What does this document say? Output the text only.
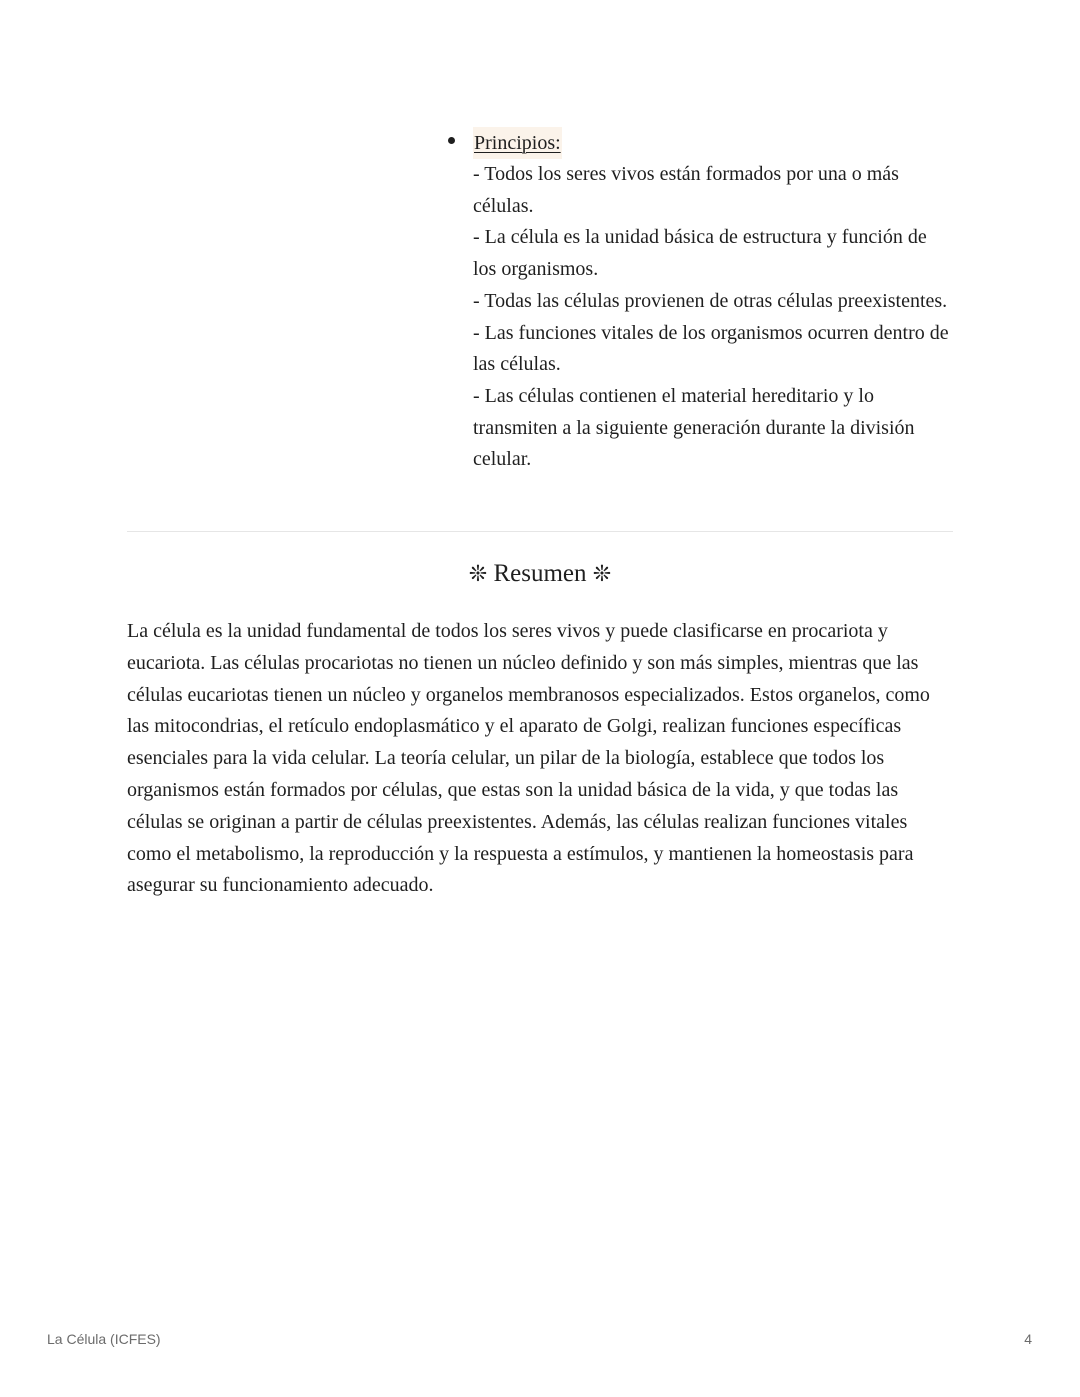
Principios:
- Todos los seres vivos están formados por una o más células.
- La célula es la unidad básica de estructura y función de los organismos.
- Todas las células provienen de otras células preexistentes.
- Las funciones vitales de los organismos ocurren dentro de las células.
- Las células contienen el material hereditario y lo transmiten a la siguiente generación durante la división celular.
❊ Resumen ❊

La célula es la unidad fundamental de todos los seres vivos y puede clasificarse en procariota y eucariota. Las células procariotas no tienen un núcleo definido y son más simples, mientras que las células eucariotas tienen un núcleo y organelos membranosos especializados. Estos organelos, como las mitocondrias, el retículo endoplasmático y el aparato de Golgi, realizan funciones específicas esenciales para la vida celular. La teoría celular, un pilar de la biología, establece que todos los organismos están formados por células, que estas son la unidad básica de la vida, y que todas las células se originan a partir de células preexistentes. Además, las células realizan funciones vitales como el metabolismo, la reproducción y la respuesta a estímulos, y mantienen la homeostasis para asegurar su funcionamiento adecuado.

La Célula (ICFES)	4
